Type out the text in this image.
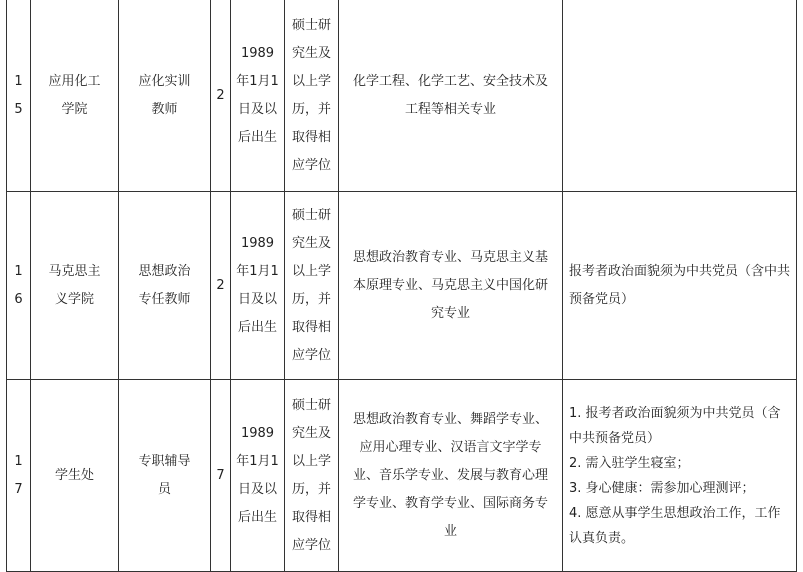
15	应用化工学院	应化实训教师	2	1989年1月1日及以后出生	硕士研究生及以上学历，并取得相应学位	化学工程、化学工艺、安全技术及工程等相关专业	
16	马克思主义学院	思想政治专任教师	2	1989年1月1日及以后出生	硕士研究生及以上学历，并取得相应学位	思想政治教育专业、马克思主义基本原理专业、马克思主义中国化研究专业	报考者政治面貌须为中共党员（含中共预备党员）

17	学生处	专职辅导员	7	1989年1月1日及以后出生	硕士研究生及以上学历，并取得相应学位	思想政治教育专业、舞蹈学专业、应用心理专业、汉语言文字学专业、音乐学专业、发展与教育心理学专业、教育学专业、国际商务专业	1. 报考者政治面貌须为中共党员（含中共预备党员）
2. 需入驻学生寝室；
3. 身心健康：需参加心理测评；
4. 愿意从事学生思想政治工作，工作认真负责。
